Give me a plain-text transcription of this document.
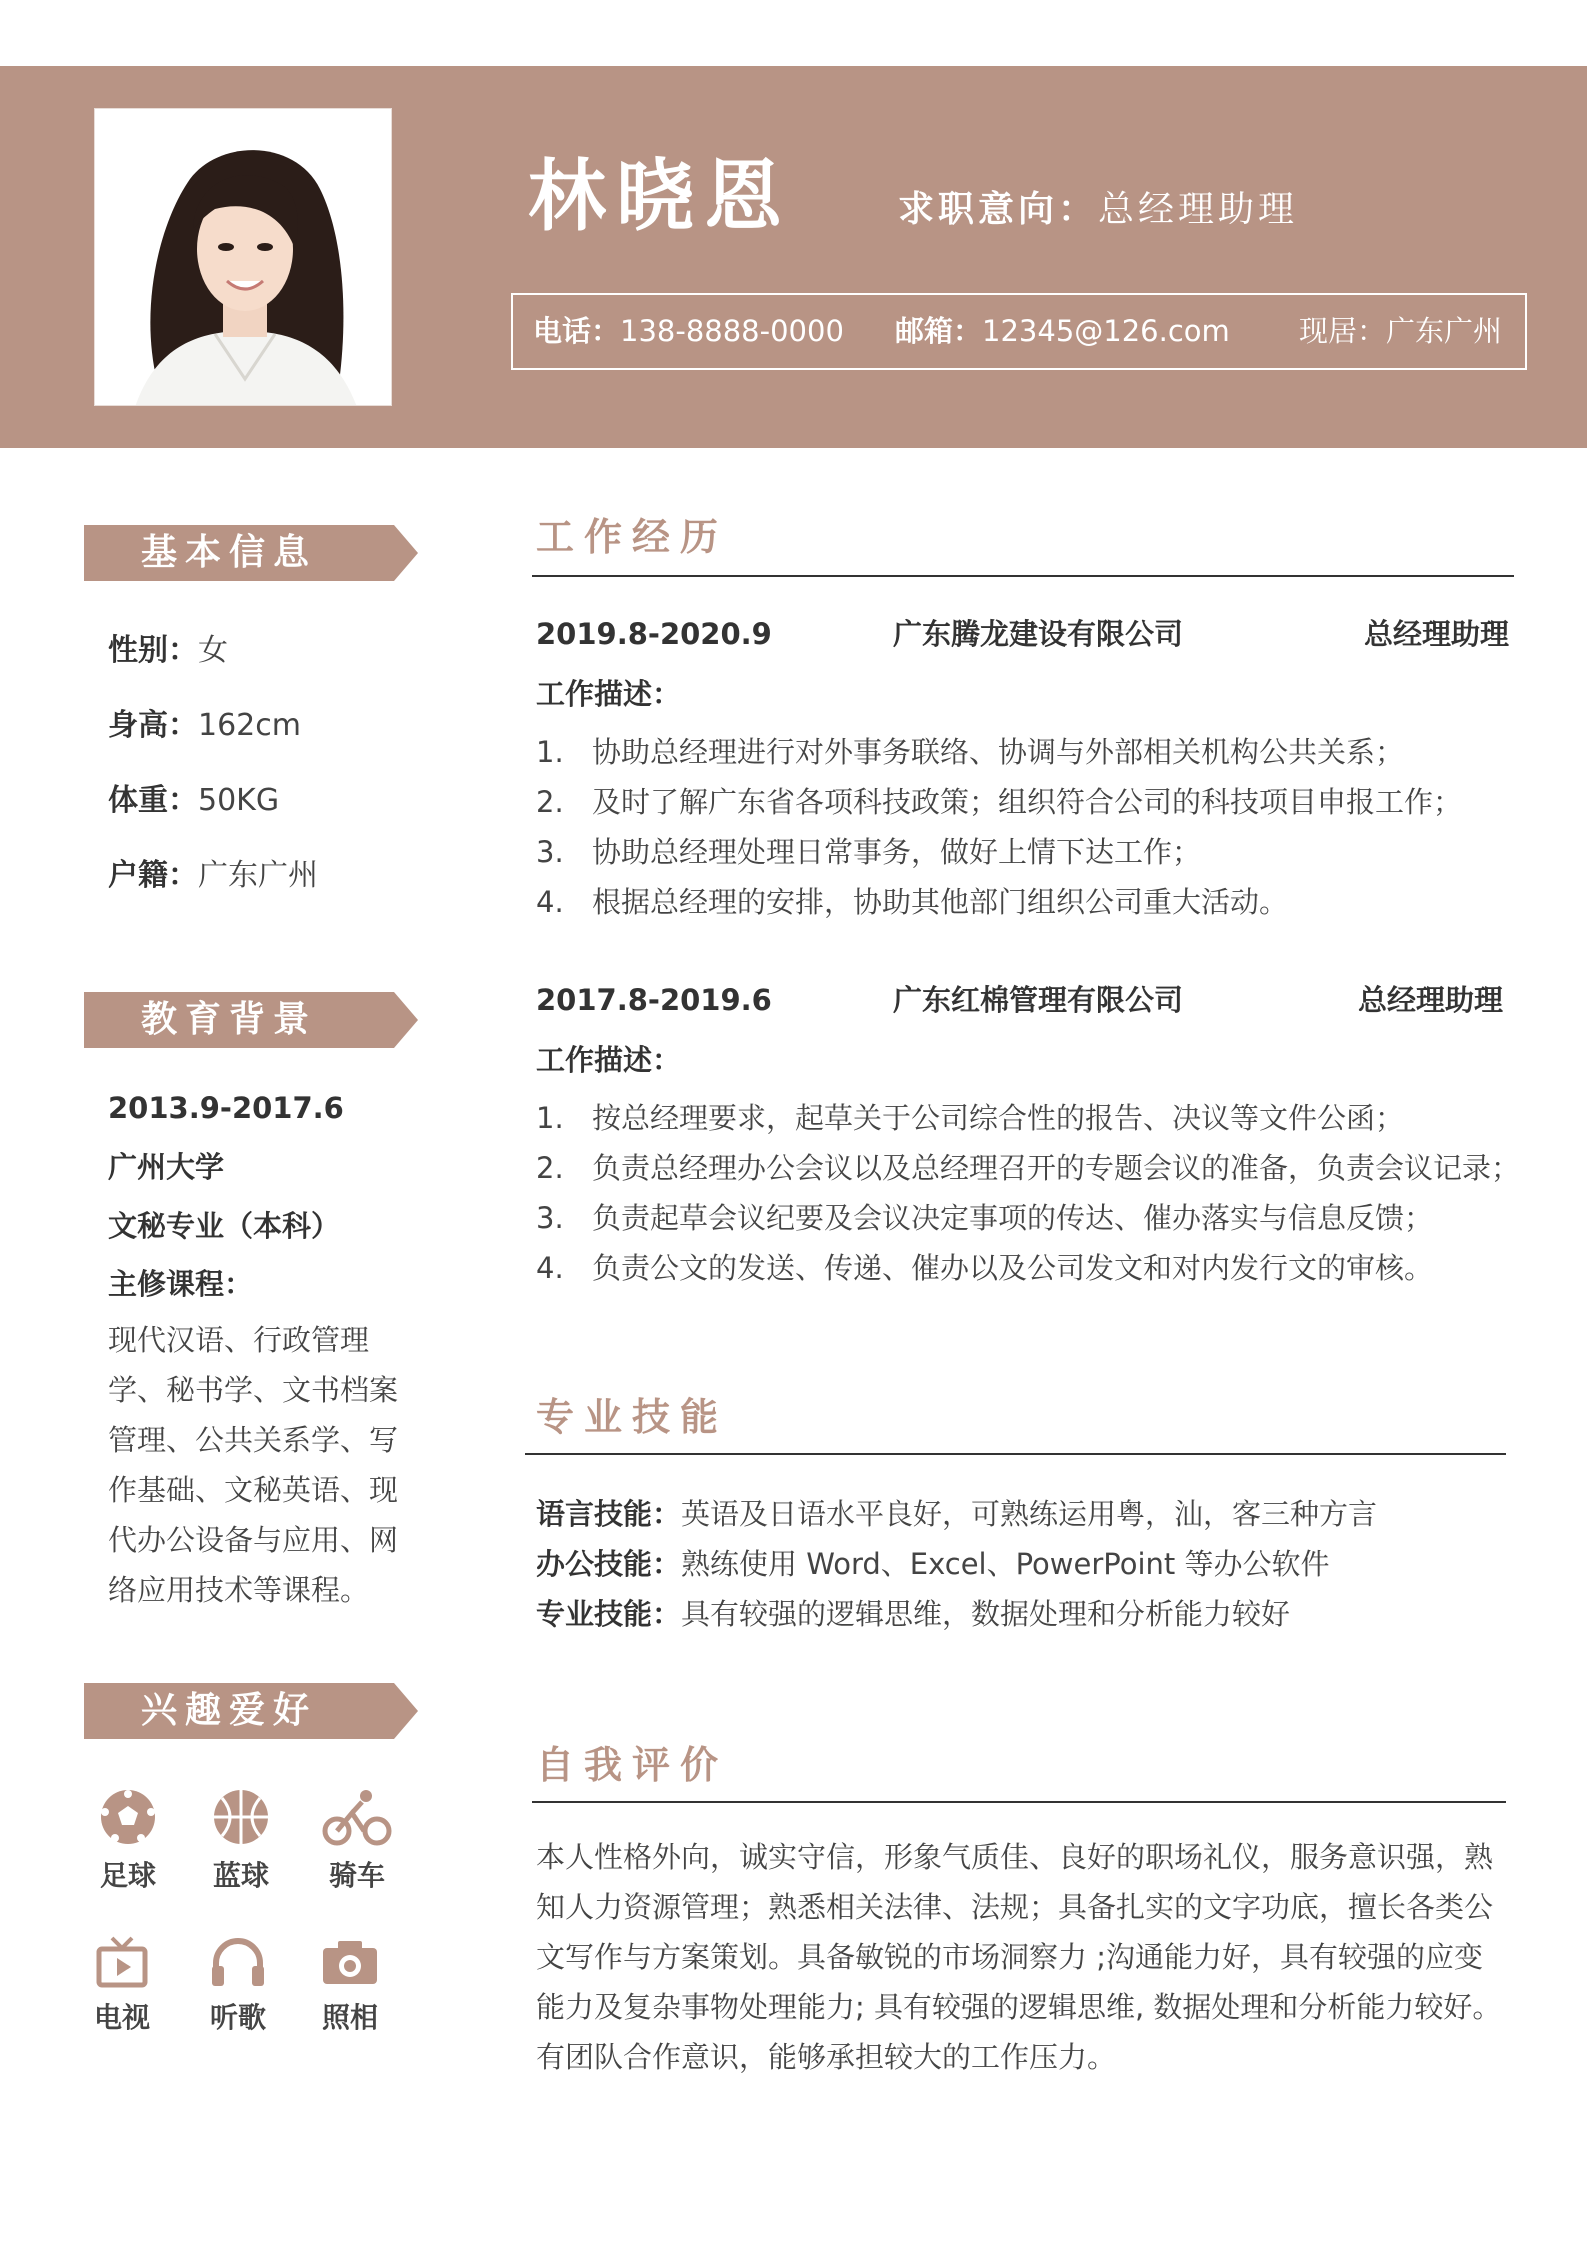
林晓恩	求职意向：总经理助理
电话：138-8888-0000 邮箱：12345@126.com 现居：广东广州
基本信息
性别：女
身高：162cm
体重：50KG
户籍：广东广州
教育背景
2013.9-2017.6
广州大学
文秘专业（本科）
主修课程：
现代汉语、行政管理
学、秘书学、文书档案
管理、公共关系学、写
作基础、文秘英语、现
代办公设备与应用、网
络应用技术等课程。
兴趣爱好
足球	蓝球	骑车
电视	听歌	照相
工作经历
2019.8-2020.9	广东腾龙建设有限公司	总经理助理
工作描述：
1. 协助总经理进行对外事务联络、协调与外部相关机构公共关系；
2. 及时了解广东省各项科技政策；组织符合公司的科技项目申报工作；
3. 协助总经理处理日常事务，做好上情下达工作；
4. 根据总经理的安排，协助其他部门组织公司重大活动。
2017.8-2019.6	广东红棉管理有限公司	总经理助理
工作描述：
1. 按总经理要求，起草关于公司综合性的报告、决议等文件公函；
2. 负责总经理办公会议以及总经理召开的专题会议的准备，负责会议记录；
3. 负责起草会议纪要及会议决定事项的传达、催办落实与信息反馈；
4. 负责公文的发送、传递、催办以及公司发文和对内发行文的审核。
专业技能
语言技能：英语及日语水平良好，可熟练运用粤，汕，客三种方言
办公技能：熟练使用 Word、Excel、PowerPoint 等办公软件
专业技能：具有较强的逻辑思维，数据处理和分析能力较好
自我评价
本人性格外向，诚实守信，形象气质佳、良好的职场礼仪，服务意识强，熟
知人力资源管理；熟悉相关法律、法规；具备扎实的文字功底，擅长各类公
文写作与方案策划。具备敏锐的市场洞察力 ;沟通能力好，具有较强的应变
能力及复杂事物处理能力; 具有较强的逻辑思维, 数据处理和分析能力较好。
有团队合作意识，能够承担较大的工作压力。
